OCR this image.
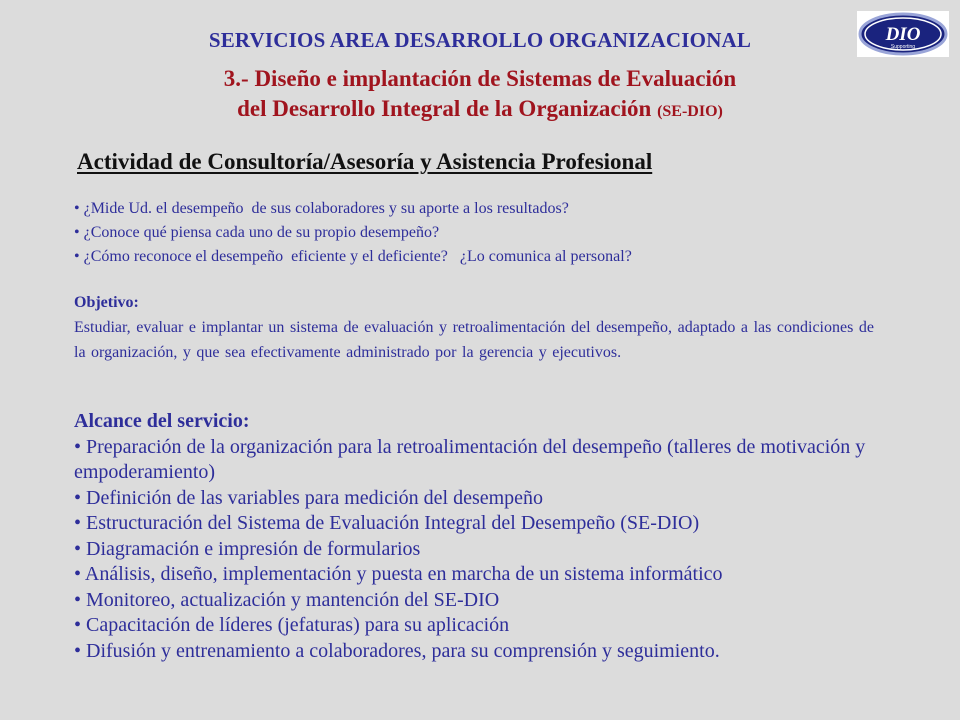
SERVICIOS AREA DESARROLLO ORGANIZACIONAL	DIO
Supporting
3.- Diseño e implantación de Sistemas de Evaluación
del Desarrollo Integral de la Organización (SE-DIO)
Actividad de Consultoría/Asesoría y Asistencia Profesional
• ¿Mide Ud. el desempeño  de sus colaboradores y su aporte a los resultados?
• ¿Conoce qué piensa cada uno de su propio desempeño?
• ¿Cómo reconoce el desempeño  eficiente y el deficiente?   ¿Lo comunica al personal?
Objetivo:
Estudiar, evaluar e implantar un sistema de evaluación y retroalimentación del desempeño, adaptado a las condiciones de la organización, y que sea efectivamente administrado por la gerencia y ejecutivos.
Alcance del servicio:
• Preparación de la organización para la retroalimentación del desempeño (talleres de motivación y empoderamiento)
• Definición de las variables para medición del desempeño
• Estructuración del Sistema de Evaluación Integral del Desempeño (SE-DIO)
• Diagramación e impresión de formularios
• Análisis, diseño, implementación y puesta en marcha de un sistema informático
• Monitoreo, actualización y mantención del SE-DIO
• Capacitación de líderes (jefaturas) para su aplicación
• Difusión y entrenamiento a colaboradores, para su comprensión y seguimiento.
